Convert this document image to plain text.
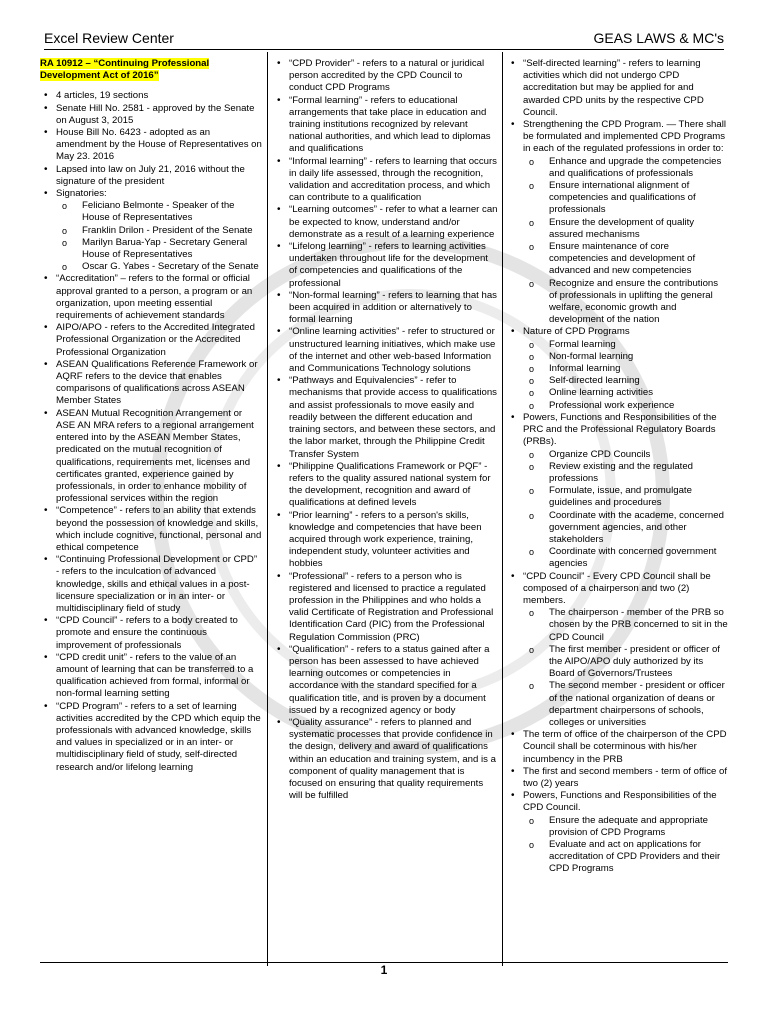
Excel Review Center	GEAS LAWS & MC's
RA 10912 – “Continuing Professional Development Act of 2016”
• 4 articles, 19 sections
• Senate Hill No. 2581 - approved by the Senate on August 3, 2015
• House Bill No. 6423 - adopted as an amendment by the House of Representatives on May 23. 2016
• Lapsed into law on July 21, 2016 without the signature of the president
• Signatories:
o Feliciano Belmonte - Speaker of the House of Representatives
o Franklin Drilon - President of the Senate
o Marilyn Barua-Yap - Secretary General House of Representatives
o Oscar G. Yabes - Secretary of the Senate
• “Accreditation” – refers to the formal or official approval granted to a person, a program or an organization, upon meeting essential requirements of achievement standards
• AIPO/APO - refers to the Accredited Integrated Professional Organization or the Accredited Professional Organization
• ASEAN Qualifications Reference Framework or AQRF refers to the device that enables comparisons of qualifications across ASEAN Member States
• ASEAN Mutual Recognition Arrangement or ASE AN MRA refers to a regional arrangement entered into by the ASEAN Member States, predicated on the mutual recognition of qualifications, requirements met, licenses and certificates granted, experience gained by professionals, in order to enhance mobility of professional services within the region
• “Competence” - refers to an ability that extends beyond the possession of knowledge and skills, which include cognitive, functional, personal and ethical competence
• “Continuing Professional Development or CPD” - refers to the inculcation of advanced knowledge, skills and ethical values in a post-licensure specialization or in an inter- or multidisciplinary field of study
• “CPD Council” - refers to a body created to promote and ensure the continuous improvement of professionals
• “CPD credit unit” - refers to the value of an amount of learning that can be transferred to a qualification achieved from formal, informal or non-formal learning setting
• “CPD Program” - refers to a set of learning activities accredited by the CPD which equip the professionals with advanced knowledge, skills and values in specialized or in an inter- or multidisciplinary field of study, self-directed research and/or lifelong learning
• “CPD Provider” - refers to a natural or juridical person accredited by the CPD Council to conduct CPD Programs
• “Formal learning” - refers to educational arrangements that take place in education and training institutions recognized by relevant national authorities, and which lead to diplomas and qualifications
• “Informal learning” - refers to learning that occurs in daily life assessed, through the recognition, validation and accreditation process, and which can contribute to a qualification
• “Learning outcomes” - refer to what a learner can be expected to know, understand and/or demonstrate as a result of a learning experience
• “Lifelong learning” - refers to learning activities undertaken throughout life for the development of competencies and qualifications of the professional
• “Non-formal learning” - refers to learning that has been acquired in addition or alternatively to formal learning
• “Online learning activities” - refer to structured or unstructured learning initiatives, which make use of the internet and other web-based Information and Communications Technology solutions
• “Pathways and Equivalencies” - refer to mechanisms that provide access to qualifications and assist professionals to move easily and readily between the different education and training sectors, and between these sectors, and the labor market, through the Philippine Credit Transfer System
• “Philippine Qualifications Framework or PQF” - refers to the quality assured national system for the development, recognition and award of qualifications at defined levels
• “Prior learning” - refers to a person's skills, knowledge and competencies that have been acquired through work experience, training, independent study, volunteer activities and hobbies
• “Professional” - refers to a person who is registered and licensed to practice a regulated profession in the Philippines and who holds a valid Certificate of Registration and Professional Identification Card (PIC) from the Professional Regulation Commission (PRC)
• “Qualification” - refers to a status gained after a person has been assessed to have achieved learning outcomes or competencies in accordance with the standard specified for a qualification title, and is proven by a document issued by a recognized agency or body
• “Quality assurance” - refers to planned and systematic processes that provide confidence in the design, delivery and award of qualifications within an education and training system, and is a component of quality management that is focused on ensuring that quality requirements will be fulfilled
• “Self-directed learning” - refers to learning activities which did not undergo CPD accreditation but may be applied for and awarded CPD units by the respective CPD Council.
• Strengthening the CPD Program. — There shall be formulated and implemented CPD Programs in each of the regulated professions in order to:
o Enhance and upgrade the competencies and qualifications of professionals
o Ensure international alignment of competencies and qualifications of professionals
o Ensure the development of quality assured mechanisms
o Ensure maintenance of core competencies and development of advanced and new competencies
o Recognize and ensure the contributions of professionals in uplifting the general welfare, economic growth and development of the nation
• Nature of CPD Programs
o Formal learning
o Non-formal learning
o Informal learning
o Self-directed learning
o Online learning activities
o Professional work experience
• Powers, Functions and Responsibilities of the PRC and the Professional Regulatory Boards (PRBs).
o Organize CPD Councils
o Review existing and the regulated professions
o Formulate, issue, and promulgate guidelines and procedures
o Coordinate with the academe, concerned government agencies, and other stakeholders
o Coordinate with concerned government agencies
• “CPD Council” - Every CPD Council shall be composed of a chairperson and two (2) members.
o The chairperson - member of the PRB so chosen by the PRB concerned to sit in the CPD Council
o The first member - president or officer of the AIPO/APO duly authorized by its Board of Governors/Trustees
o The second member - president or officer of the national organization of deans or department chairpersons of schools, colleges or universities
• The term of office of the chairperson of the CPD Council shall be coterminous with his/her incumbency in the PRB
• The first and second members - term of office of two (2) years
• Powers, Functions and Responsibilities of the CPD Council.
o Ensure the adequate and appropriate provision of CPD Programs
o Evaluate and act on applications for accreditation of CPD Providers and their CPD Programs
1
